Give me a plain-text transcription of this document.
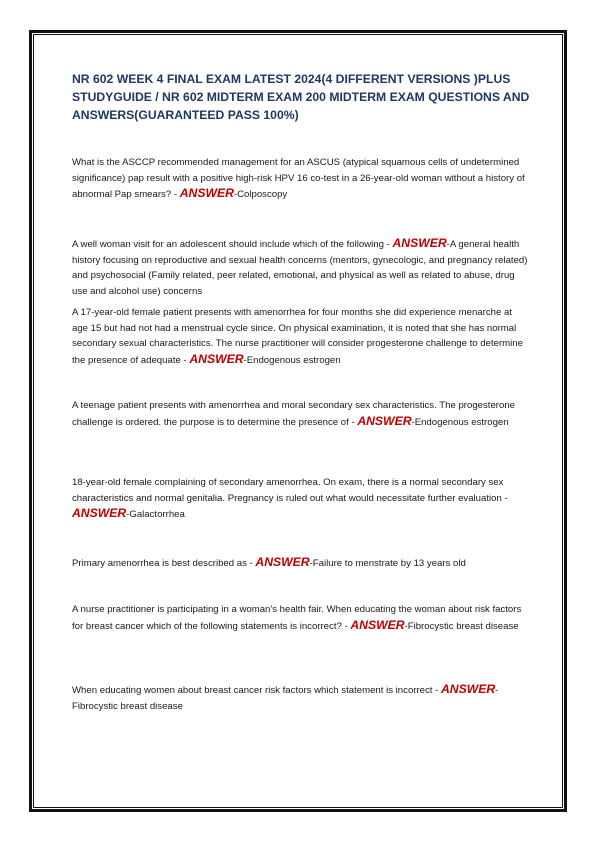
NR 602 WEEK 4 FINAL EXAM LATEST 2024(4 DIFFERENT VERSIONS )PLUS STUDYGUIDE / NR 602 MIDTERM EXAM 200 MIDTERM EXAM QUESTIONS AND ANSWERS(GUARANTEED PASS 100%)

What is the ASCCP recommended management for an ASCUS (atypical squamous cells of undetermined significance) pap result with a positive high-risk HPV 16 co-test in a 26-year-old woman without a history of abnormal Pap smears? - ANSWER-Colposcopy

A well woman visit for an adolescent should include which of the following - ANSWER-A general health history focusing on reproductive and sexual health concerns (mentors, gynecologic, and pregnancy related) and psychosocial (Family related, peer related, emotional, and physical as well as related to abuse, drug use and alcohol use) concerns

A 17-year-old female patient presents with amenorrhea for four months she did experience menarche at age 15 but had not had a menstrual cycle since. On physical examination, it is noted that she has normal secondary sexual characteristics. The nurse practitioner will consider progesterone challenge to determine the presence of adequate - ANSWER-Endogenous estrogen

A teenage patient presents with amenorrhea and moral secondary sex characteristics. The progesterone challenge is ordered. the purpose is to determine the presence of - ANSWER-Endogenous estrogen

18-year-old female complaining of secondary amenorrhea. On exam, there is a normal secondary sex characteristics and normal genitalia. Pregnancy is ruled out what would necessitate further evaluation - ANSWER-Galactorrhea

Primary amenorrhea is best described as - ANSWER-Failure to menstrate by 13 years old

A nurse practitioner is participating in a woman's health fair. When educating the woman about risk factors for breast cancer which of the following statements is incorrect? - ANSWER-Fibrocystic breast disease

When educating women about breast cancer risk factors which statement is incorrect - ANSWER-Fibrocystic breast disease
